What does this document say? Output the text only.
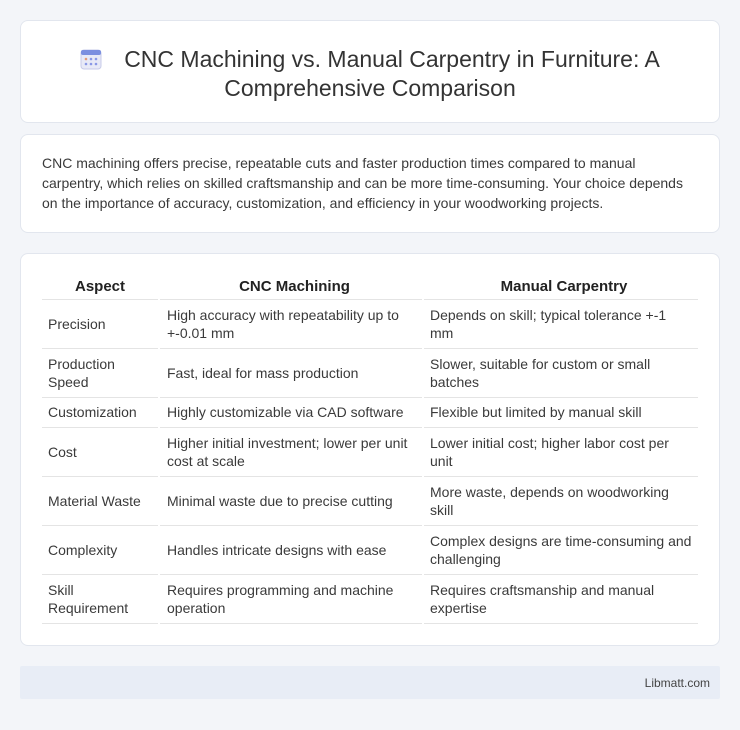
CNC Machining vs. Manual Carpentry in Furniture: A Comprehensive Comparison

CNC machining offers precise, repeatable cuts and faster production times compared to manual carpentry, which relies on skilled craftsmanship and can be more time-consuming. Your choice depends on the importance of accuracy, customization, and efficiency in your woodworking projects.

Aspect	CNC Machining	Manual Carpentry
Precision	High accuracy with repeatability up to +-0.01 mm	Depends on skill; typical tolerance +-1 mm
Production Speed	Fast, ideal for mass production	Slower, suitable for custom or small batches
Customization	Highly customizable via CAD software	Flexible but limited by manual skill
Cost	Higher initial investment; lower per unit cost at scale	Lower initial cost; higher labor cost per unit
Material Waste	Minimal waste due to precise cutting	More waste, depends on woodworking skill
Complexity	Handles intricate designs with ease	Complex designs are time-consuming and challenging
Skill Requirement	Requires programming and machine operation	Requires craftsmanship and manual expertise
Libmatt.com
